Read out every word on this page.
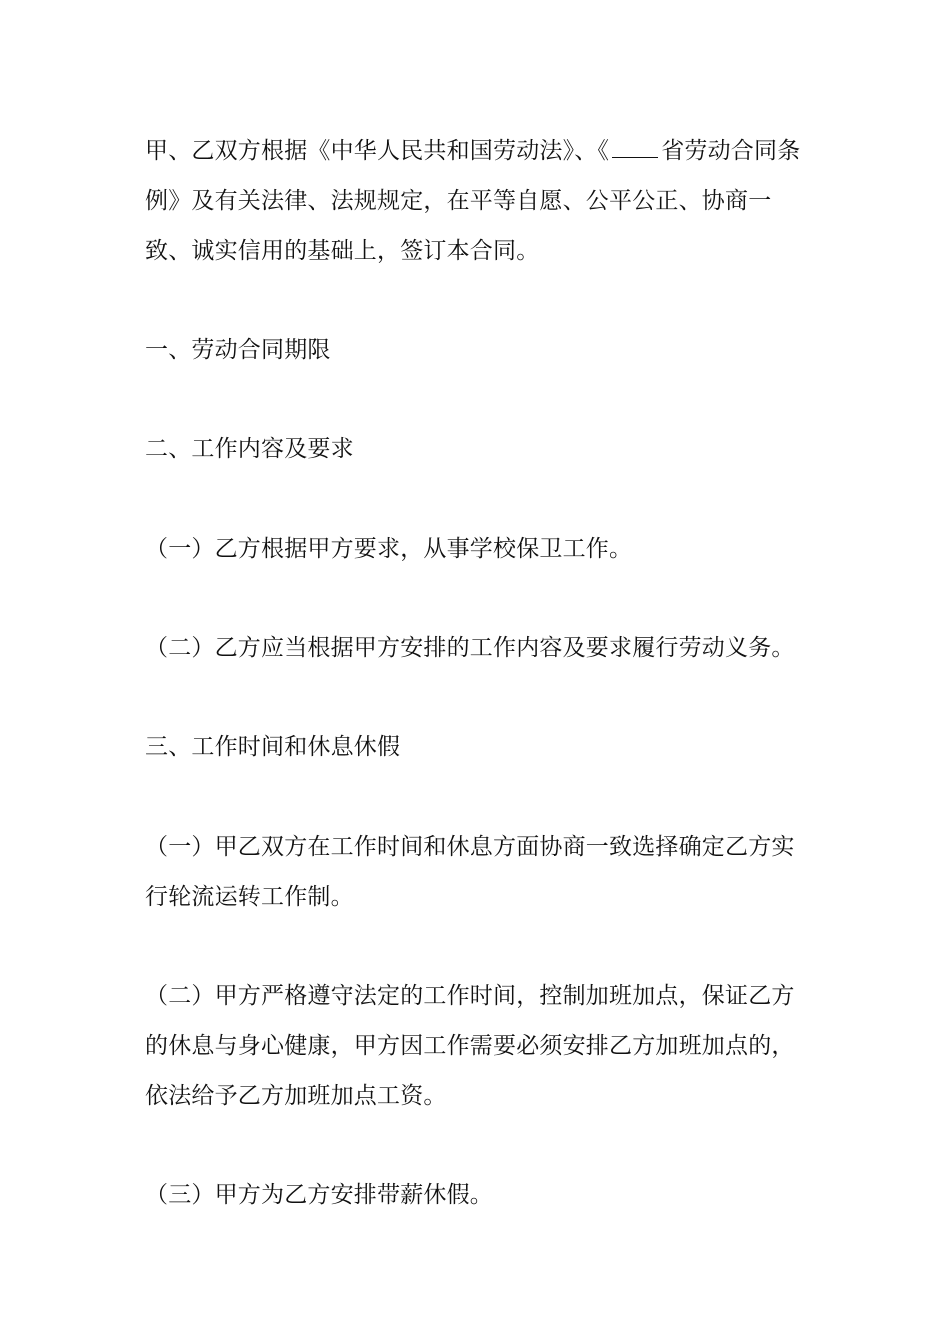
甲、乙双方根据《中华人民共和国劳动法》、《 省劳动合同条例》及有关法律、法规规定，在平等自愿、公平公正、协商一致、诚实信用的基础上，签订本合同。

一、劳动合同期限

二、工作内容及要求

（一）乙方根据甲方要求，从事学校保卫工作。

（二）乙方应当根据甲方安排的工作内容及要求履行劳动义务。

三、工作时间和休息休假

（一）甲乙双方在工作时间和休息方面协商一致选择确定乙方实行轮流运转工作制。

（二）甲方严格遵守法定的工作时间，控制加班加点，保证乙方的休息与身心健康，甲方因工作需要必须安排乙方加班加点的，依法给予乙方加班加点工资。

（三）甲方为乙方安排带薪休假。
